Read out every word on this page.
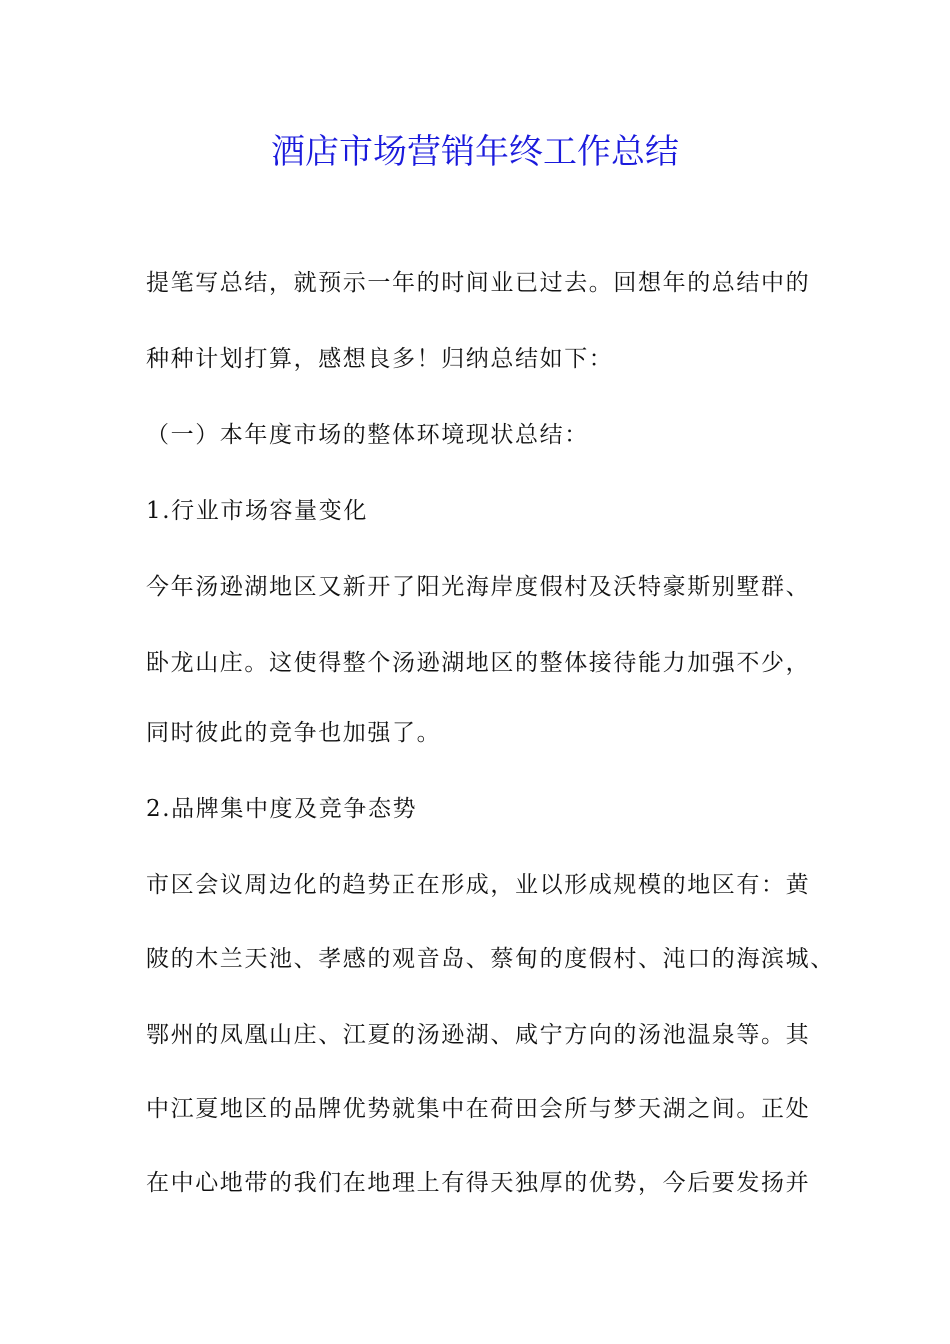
酒店市场营销年终工作总结
提笔写总结，就预示一年的时间业已过去。回想年的总结中的
种种计划打算，感想良多！归纳总结如下：
（一）本年度市场的整体环境现状总结：
1.行业市场容量变化
今年汤逊湖地区又新开了阳光海岸度假村及沃特豪斯别墅群、
卧龙山庄。这使得整个汤逊湖地区的整体接待能力加强不少，
同时彼此的竞争也加强了。
2.品牌集中度及竞争态势
市区会议周边化的趋势正在形成，业以形成规模的地区有：黄
陂的木兰天池、孝感的观音岛、蔡甸的度假村、沌口的海滨城、
鄂州的凤凰山庄、江夏的汤逊湖、咸宁方向的汤池温泉等。其
中江夏地区的品牌优势就集中在荷田会所与梦天湖之间。正处
在中心地带的我们在地理上有得天独厚的优势，今后要发扬并
